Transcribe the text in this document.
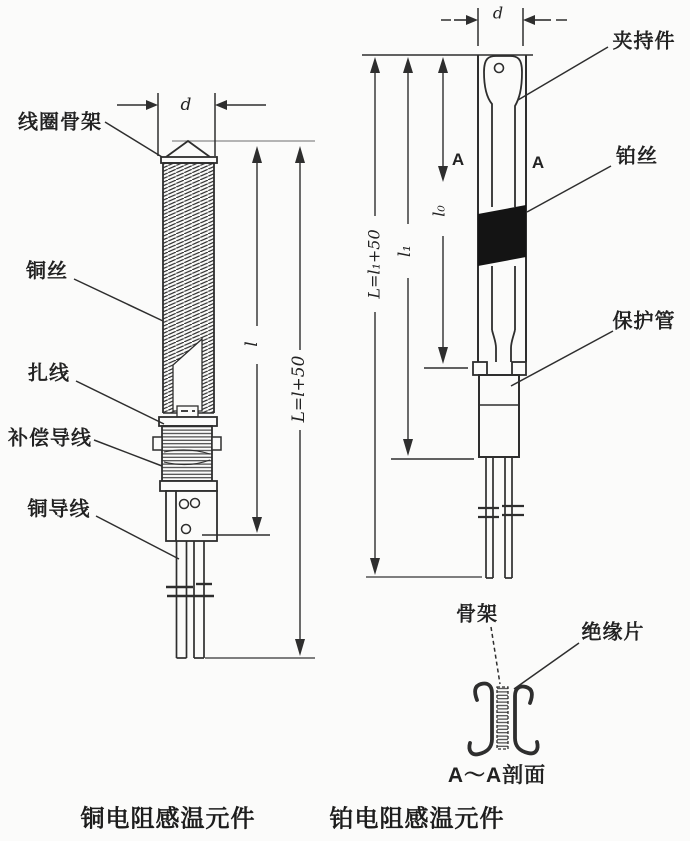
线圈骨架
铜丝
扎线
补偿导线
铜导线
d
l
L=l+50
夹持件
铂丝
保护管
骨架
绝缘片
d
L=l₁+50 l₁
l₀
A	A
A～A剖面
铜电阻感温元件	铂电阻感温元件
